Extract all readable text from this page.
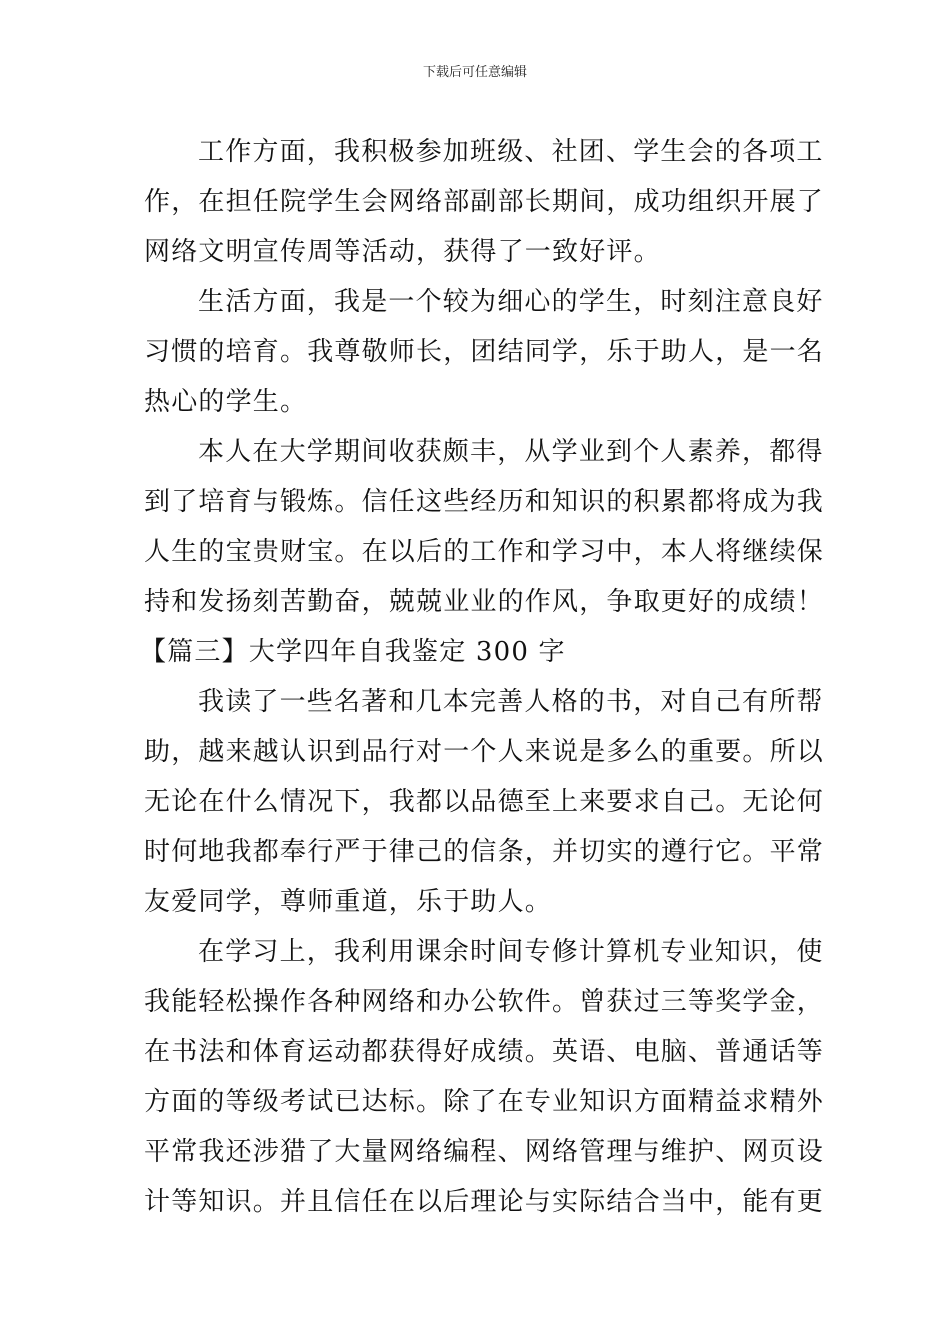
下载后可任意编辑
工作方面，我积极参加班级、社团、学生会的各项工
作，在担任院学生会网络部副部长期间，成功组织开展了
网络文明宣传周等活动，获得了一致好评。
生活方面，我是一个较为细心的学生，时刻注意良好
习惯的培育。我尊敬师长，团结同学，乐于助人，是一名
热心的学生。
本人在大学期间收获颇丰，从学业到个人素养，都得
到了培育与锻炼。信任这些经历和知识的积累都将成为我
人生的宝贵财宝。在以后的工作和学习中，本人将继续保
持和发扬刻苦勤奋，兢兢业业的作风，争取更好的成绩！
【篇三】大学四年自我鉴定 300 字
我读了一些名著和几本完善人格的书，对自己有所帮
助，越来越认识到品行对一个人来说是多么的重要。所以
无论在什么情况下，我都以品德至上来要求自己。无论何
时何地我都奉行严于律己的信条，并切实的遵行它。平常
友爱同学，尊师重道，乐于助人。
在学习上，我利用课余时间专修计算机专业知识，使
我能轻松操作各种网络和办公软件。曾获过三等奖学金，
在书法和体育运动都获得好成绩。英语、电脑、普通话等
方面的等级考试已达标。除了在专业知识方面精益求精外
平常我还涉猎了大量网络编程、网络管理与维护、网页设
计等知识。并且信任在以后理论与实际结合当中，能有更
